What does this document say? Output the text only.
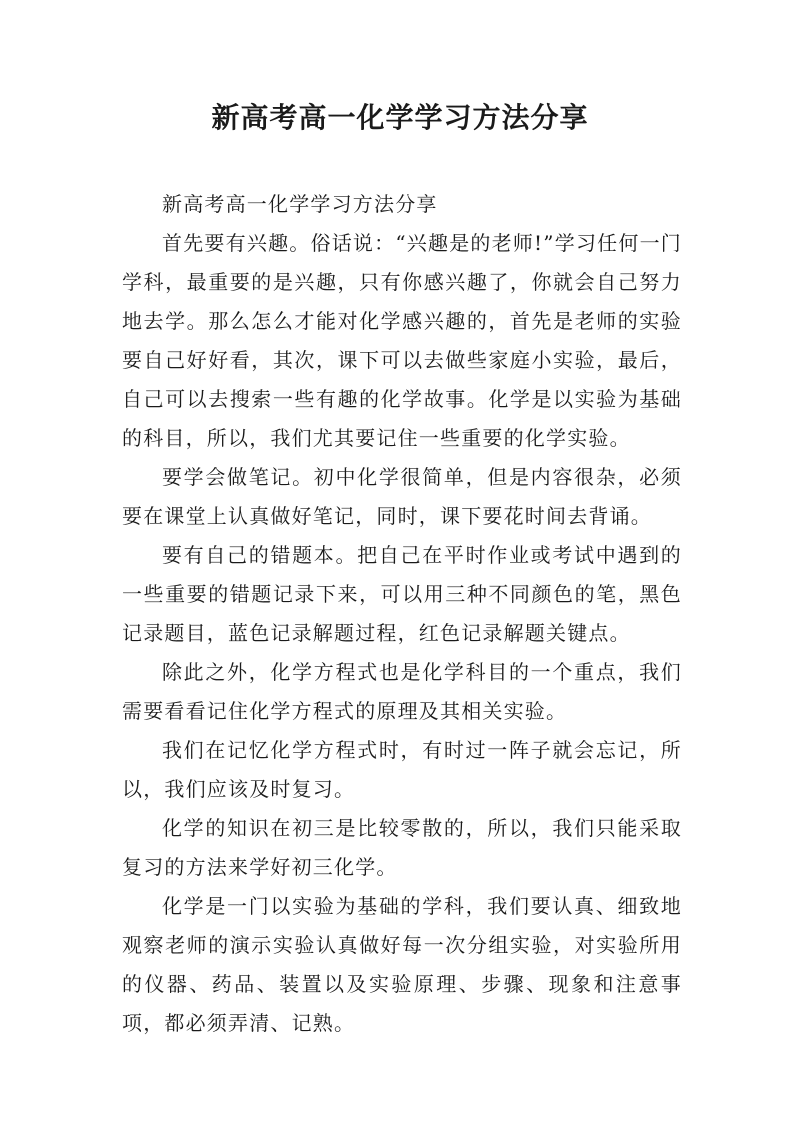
新高考高一化学学习方法分享

新高考高一化学学习方法分享

首先要有兴趣。俗话说：“兴趣是的老师!”学习任何一门学科，最重要的是兴趣，只有你感兴趣了，你就会自己努力地去学。那么怎么才能对化学感兴趣的，首先是老师的实验要自己好好看，其次，课下可以去做些家庭小实验，最后，自己可以去搜索一些有趣的化学故事。化学是以实验为基础的科目，所以，我们尤其要记住一些重要的化学实验。

要学会做笔记。初中化学很简单，但是内容很杂，必须要在课堂上认真做好笔记，同时，课下要花时间去背诵。

要有自己的错题本。把自己在平时作业或考试中遇到的一些重要的错题记录下来，可以用三种不同颜色的笔，黑色记录题目，蓝色记录解题过程，红色记录解题关键点。

除此之外，化学方程式也是化学科目的一个重点，我们需要看看记住化学方程式的原理及其相关实验。

我们在记忆化学方程式时，有时过一阵子就会忘记，所以，我们应该及时复习。

化学的知识在初三是比较零散的，所以，我们只能采取复习的方法来学好初三化学。

化学是一门以实验为基础的学科，我们要认真、细致地观察老师的演示实验认真做好每一次分组实验，对实验所用的仪器、药品、装置以及实验原理、步骤、现象和注意事项，都必须弄清、记熟。
